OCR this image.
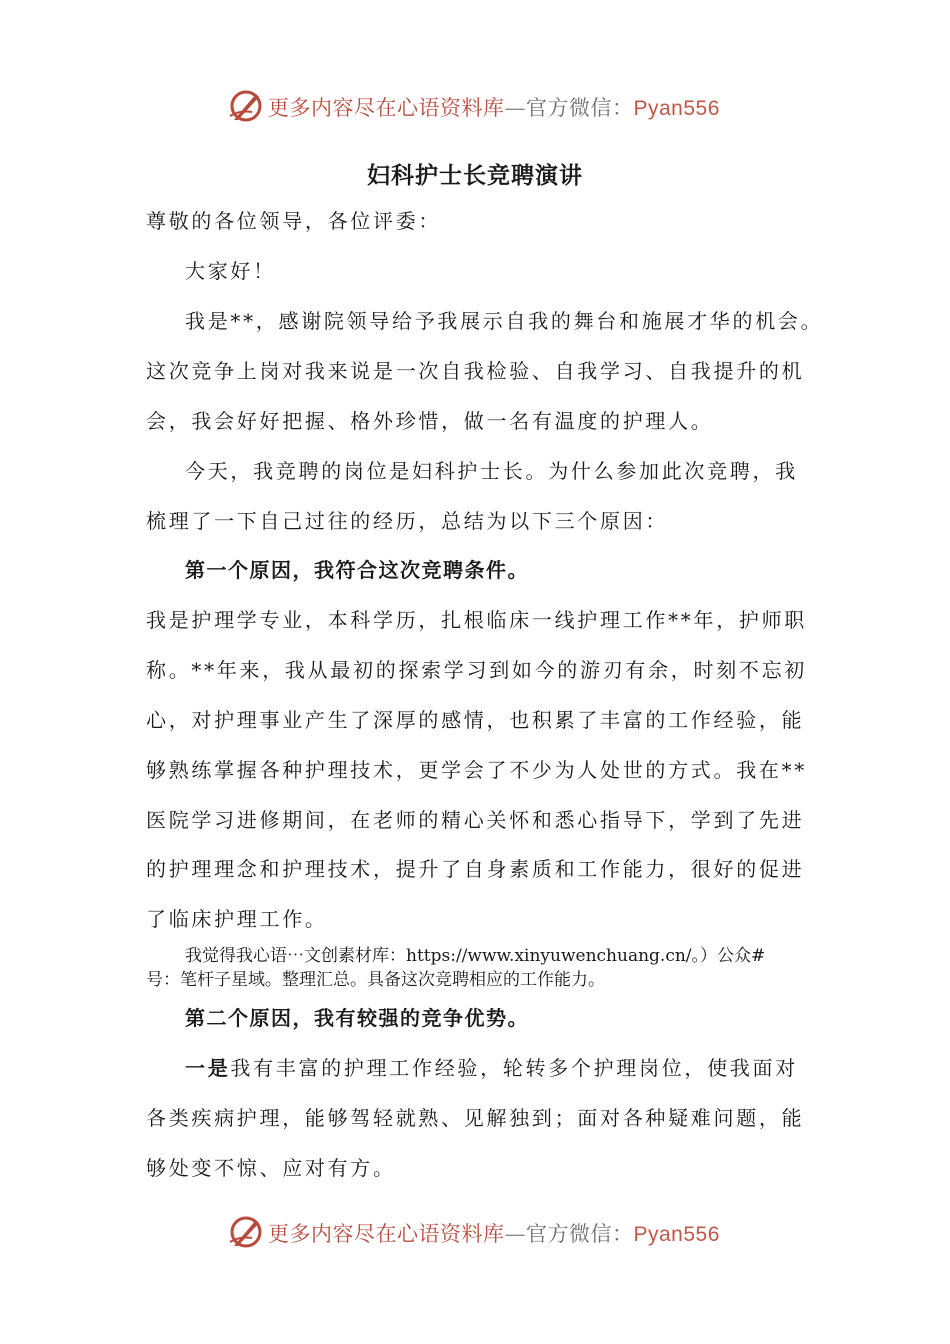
更多内容尽在心语资料库—官方微信：Pyan556
妇科护士长竞聘演讲
尊敬的各位领导，各位评委：
大家好！
我是**，感谢院领导给予我展示自我的舞台和施展才华的机会。
这次竞争上岗对我来说是一次自我检验、自我学习、自我提升的机
会，我会好好把握、格外珍惜，做一名有温度的护理人。
今天，我竞聘的岗位是妇科护士长。为什么参加此次竞聘，我
梳理了一下自己过往的经历，总结为以下三个原因：
第一个原因，我符合这次竞聘条件。
我是护理学专业，本科学历，扎根临床一线护理工作**年，护师职
称。**年来，我从最初的探索学习到如今的游刃有余，时刻不忘初
心，对护理事业产生了深厚的感情，也积累了丰富的工作经验，能
够熟练掌握各种护理技术，更学会了不少为人处世的方式。我在**
医院学习进修期间，在老师的精心关怀和悉心指导下，学到了先进
的护理理念和护理技术，提升了自身素质和工作能力，很好的促进
了临床护理工作。
我觉得我心语⋯文创素材库：https://www.xinyuwenchuang.cn/。）公众#
号：笔杆子星域。整理汇总。具备这次竞聘相应的工作能力。
第二个原因，我有较强的竞争优势。
一是我有丰富的护理工作经验，轮转多个护理岗位，使我面对
各类疾病护理，能够驾轻就熟、见解独到；面对各种疑难问题，能
够处变不惊、应对有方。
更多内容尽在心语资料库—官方微信：Pyan556
